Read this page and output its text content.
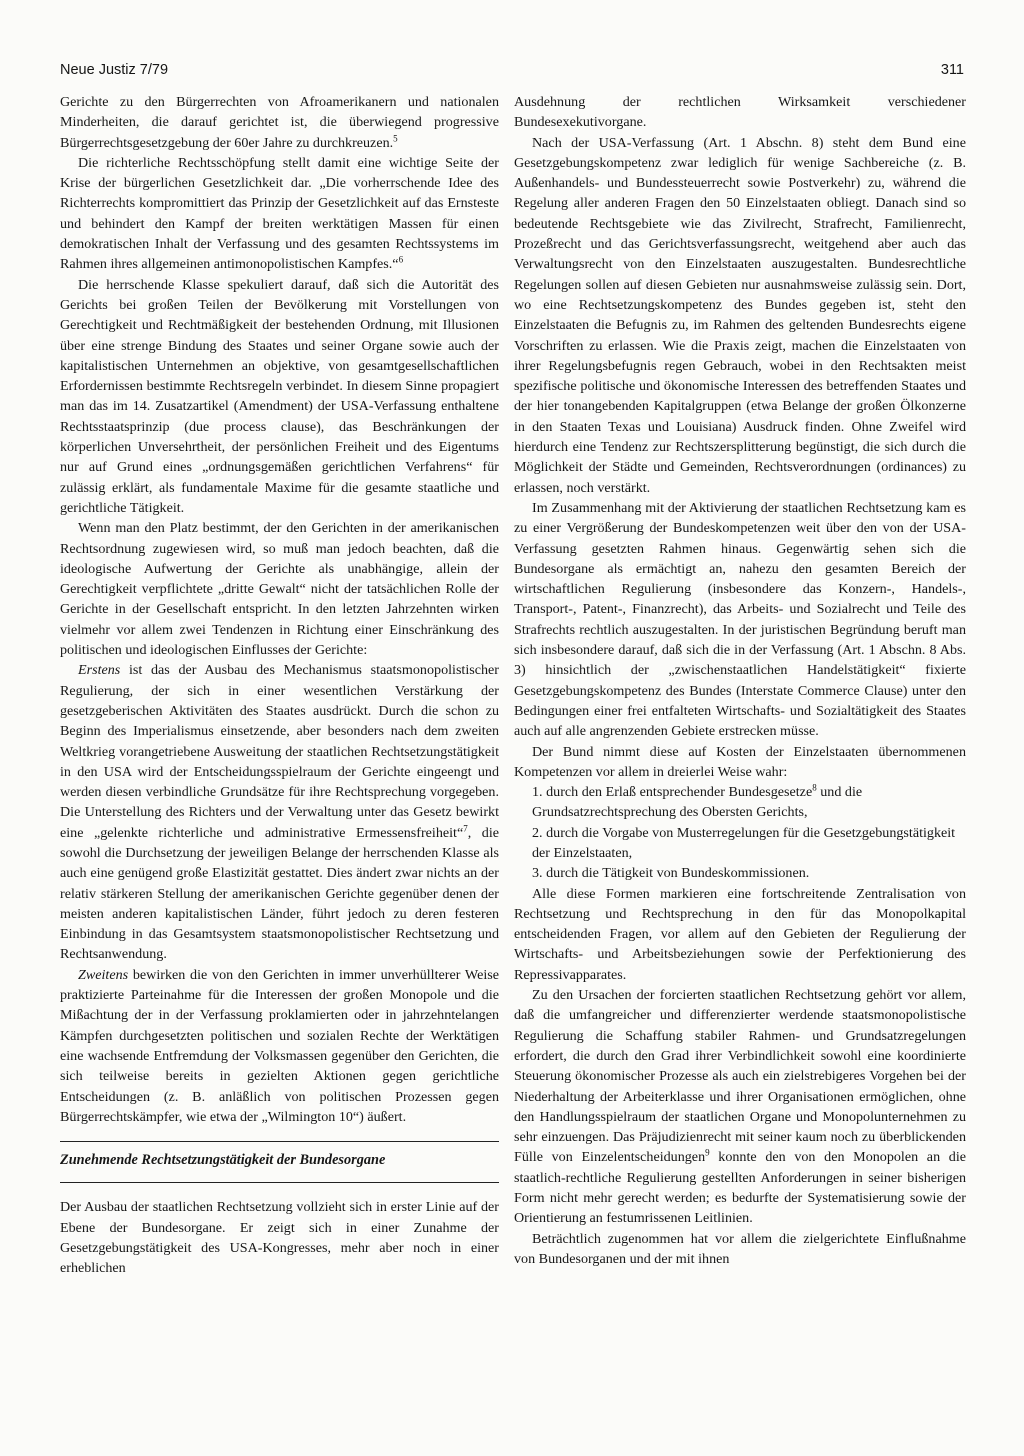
Neue Justiz 7/79	311

Gerichte zu den Bürgerrechten von Afroamerikanern und nationalen Minderheiten, die darauf gerichtet ist, die überwiegend progressive Bürgerrechtsgesetzgebung der 60er Jahre zu durchkreuzen.$^5$

Die richterliche Rechtsschöpfung stellt damit eine wichtige Seite der Krise der bürgerlichen Gesetzlichkeit dar. „Die vorherrschende Idee des Richterrechts kompromittiert das Prinzip der Gesetzlichkeit auf das Ernsteste und behindert den Kampf der breiten werktätigen Massen für einen demokratischen Inhalt der Verfassung und des gesamten Rechtssystems im Rahmen ihres allgemeinen antimonopolistischen Kampfes.“$^6$

Die herrschende Klasse spekuliert darauf, daß sich die Autorität des Gerichts bei großen Teilen der Bevölkerung mit Vorstellungen von Gerechtigkeit und Rechtmäßigkeit der bestehenden Ordnung, mit Illusionen über eine strenge Bindung des Staates und seiner Organe sowie auch der kapitalistischen Unternehmen an objektive, von gesamtgesellschaftlichen Erfordernissen bestimmte Rechtsregeln verbindet. In diesem Sinne propagiert man das im 14. Zusatzartikel (Amendment) der USA-Verfassung enthaltene Rechtsstaatsprinzip (due process clause), das Beschränkungen der körperlichen Unversehrtheit, der persönlichen Freiheit und des Eigentums nur auf Grund eines „ordnungsgemäßen gerichtlichen Verfahrens“ für zulässig erklärt, als fundamentale Maxime für die gesamte staatliche und gerichtliche Tätigkeit.

Wenn man den Platz bestimmt, der den Gerichten in der amerikanischen Rechtsordnung zugewiesen wird, so muß man jedoch beachten, daß die ideologische Aufwertung der Gerichte als unabhängige, allein der Gerechtigkeit verpflichtete „dritte Gewalt“ nicht der tatsächlichen Rolle der Gerichte in der Gesellschaft entspricht. In den letzten Jahrzehnten wirken vielmehr vor allem zwei Tendenzen in Richtung einer Einschränkung des politischen und ideologischen Einflusses der Gerichte:

Erstens ist das der Ausbau des Mechanismus staatsmonopolistischer Regulierung, der sich in einer wesentlichen Verstärkung der gesetzgeberischen Aktivitäten des Staates ausdrückt. Durch die schon zu Beginn des Imperialismus einsetzende, aber besonders nach dem zweiten Weltkrieg vorangetriebene Ausweitung der staatlichen Rechtsetzungstätigkeit in den USA wird der Entscheidungsspielraum der Gerichte eingeengt und werden diesen verbindliche Grundsätze für ihre Rechtsprechung vorgegeben. Die Unterstellung des Richters und der Verwaltung unter das Gesetz bewirkt eine „gelenkte richterliche und administrative Ermessensfreiheit“$^7$, die sowohl die Durchsetzung der jeweiligen Belange der herrschenden Klasse als auch eine genügend große Elastizität gestattet. Dies ändert zwar nichts an der relativ stärkeren Stellung der amerikanischen Gerichte gegenüber denen der meisten anderen kapitalistischen Länder, führt jedoch zu deren festeren Einbindung in das Gesamtsystem staatsmonopolistischer Rechtsetzung und Rechtsanwendung.

Zweitens bewirken die von den Gerichten in immer unverhüllterer Weise praktizierte Parteinahme für die Interessen der großen Monopole und die Mißachtung der in der Verfassung proklamierten oder in jahrzehntelangen Kämpfen durchgesetzten politischen und sozialen Rechte der Werktätigen eine wachsende Entfremdung der Volksmassen gegenüber den Gerichten, die sich teilweise bereits in gezielten Aktionen gegen gerichtliche Entscheidungen (z. B. anläßlich von politischen Prozessen gegen Bürgerrechtskämpfer, wie etwa der „Wilmington 10“) äußert.

Zunehmende Rechtsetzungstätigkeit der Bundesorgane

Der Ausbau der staatlichen Rechtsetzung vollzieht sich in erster Linie auf der Ebene der Bundesorgane. Er zeigt sich in einer Zunahme der Gesetzgebungstätigkeit des USA-Kongresses, mehr aber noch in einer erheblichen

Ausdehnung der rechtlichen Wirksamkeit verschiedener Bundesexekutivorgane.

Nach der USA-Verfassung (Art. 1 Abschn. 8) steht dem Bund eine Gesetzgebungskompetenz zwar lediglich für wenige Sachbereiche (z. B. Außenhandels- und Bundessteuerrecht sowie Postverkehr) zu, während die Regelung aller anderen Fragen den 50 Einzelstaaten obliegt. Danach sind so bedeutende Rechtsgebiete wie das Zivilrecht, Strafrecht, Familienrecht, Prozeßrecht und das Gerichtsverfassungsrecht, weitgehend aber auch das Verwaltungsrecht von den Einzelstaaten auszugestalten. Bundesrechtliche Regelungen sollen auf diesen Gebieten nur ausnahmsweise zulässig sein. Dort, wo eine Rechtsetzungskompetenz des Bundes gegeben ist, steht den Einzelstaaten die Befugnis zu, im Rahmen des geltenden Bundesrechts eigene Vorschriften zu erlassen. Wie die Praxis zeigt, machen die Einzelstaaten von ihrer Regelungsbefugnis regen Gebrauch, wobei in den Rechtsakten meist spezifische politische und ökonomische Interessen des betreffenden Staates und der hier tonangebenden Kapitalgruppen (etwa Belange der großen Ölkonzerne in den Staaten Texas und Louisiana) Ausdruck finden. Ohne Zweifel wird hierdurch eine Tendenz zur Rechtszersplitterung begünstigt, die sich durch die Möglichkeit der Städte und Gemeinden, Rechtsverordnungen (ordinances) zu erlassen, noch verstärkt.

Im Zusammenhang mit der Aktivierung der staatlichen Rechtsetzung kam es zu einer Vergrößerung der Bundeskompetenzen weit über den von der USA-Verfassung gesetzten Rahmen hinaus. Gegenwärtig sehen sich die Bundesorgane als ermächtigt an, nahezu den gesamten Bereich der wirtschaftlichen Regulierung (insbesondere das Konzern-, Handels-, Transport-, Patent-, Finanzrecht), das Arbeits- und Sozialrecht und Teile des Strafrechts rechtlich auszugestalten. In der juristischen Begründung beruft man sich insbesondere darauf, daß sich die in der Verfassung (Art. 1 Abschn. 8 Abs. 3) hinsichtlich der „zwischenstaatlichen Handelstätigkeit“ fixierte Gesetzgebungskompetenz des Bundes (Interstate Commerce Clause) unter den Bedingungen einer frei entfalteten Wirtschafts- und Sozialtätigkeit des Staates auch auf alle angrenzenden Gebiete erstrecken müsse.

Der Bund nimmt diese auf Kosten der Einzelstaaten übernommenen Kompetenzen vor allem in dreierlei Weise wahr:

1. durch den Erlaß entsprechender Bundesgesetze$^8$ und die Grundsatzrechtsprechung des Obersten Gerichts,

2. durch die Vorgabe von Musterregelungen für die Gesetzgebungstätigkeit der Einzelstaaten,

3. durch die Tätigkeit von Bundeskommissionen.

Alle diese Formen markieren eine fortschreitende Zentralisation von Rechtsetzung und Rechtsprechung in den für das Monopolkapital entscheidenden Fragen, vor allem auf den Gebieten der Regulierung der Wirtschafts- und Arbeitsbeziehungen sowie der Perfektionierung des Repressivapparates.

Zu den Ursachen der forcierten staatlichen Rechtsetzung gehört vor allem, daß die umfangreicher und differenzierter werdende staatsmonopolistische Regulierung die Schaffung stabiler Rahmen- und Grundsatzregelungen erfordert, die durch den Grad ihrer Verbindlichkeit sowohl eine koordinierte Steuerung ökonomischer Prozesse als auch ein zielstrebigeres Vorgehen bei der Niederhaltung der Arbeiterklasse und ihrer Organisationen ermöglichen, ohne den Handlungsspielraum der staatlichen Organe und Monopolunternehmen zu sehr einzuengen. Das Präjudizienrecht mit seiner kaum noch zu überblickenden Fülle von Einzelentscheidungen$^9$ konnte den von den Monopolen an die staatlich-rechtliche Regulierung gestellten Anforderungen in seiner bisherigen Form nicht mehr gerecht werden; es bedurfte der Systematisierung sowie der Orientierung an festumrissenen Leitlinien.

Beträchtlich zugenommen hat vor allem die zielgerichtete Einflußnahme von Bundesorganen und der mit ihnen
